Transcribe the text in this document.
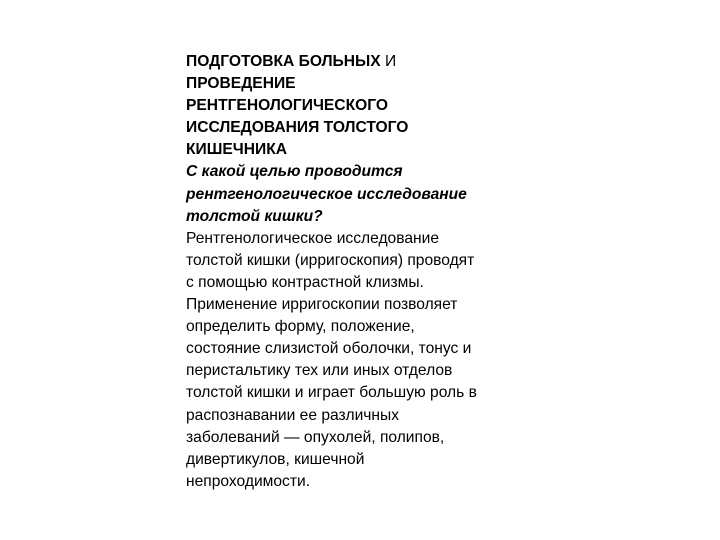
ПОДГОТОВКА БОЛЬНЫХ И
ПРОВЕДЕНИЕ
РЕНТГЕНОЛОГИЧЕСКОГО
ИССЛЕДОВАНИЯ ТОЛСТОГО
КИШЕЧНИКА
С какой целью проводится
рентгенологическое исследование
толстой кишки?
Рентгенологическое исследование
толстой кишки (ирригоскопия) проводят
с помощью контрастной клизмы.
Применение ирригоскопии позволяет
определить форму, положение,
состояние слизистой оболочки, тонус и
перистальтику тех или иных отделов
толстой кишки и играет большую роль в
распознавании ее различных
заболеваний — опухолей, полипов,
дивертикулов, кишечной
непроходимости.
